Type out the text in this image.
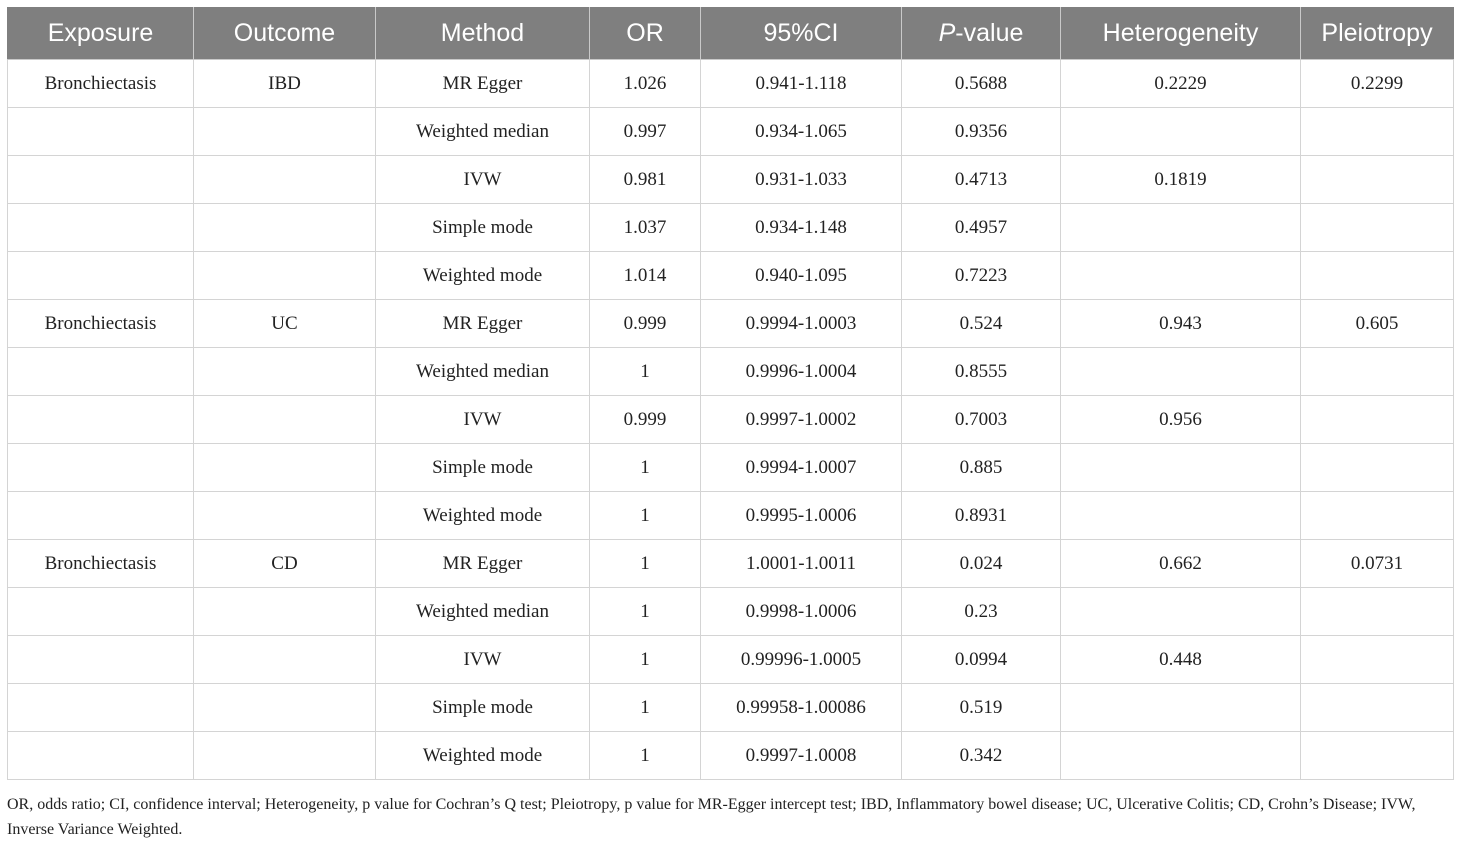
Exposure	Outcome	Method	OR	95%CI	P-value	Heterogeneity	Pleiotropy
Bronchiectasis	IBD	MR Egger	1.026	0.941-1.118	0.5688	0.2229	0.2299
		Weighted median	0.997	0.934-1.065	0.9356		
		IVW	0.981	0.931-1.033	0.4713	0.1819	
		Simple mode	1.037	0.934-1.148	0.4957		
		Weighted mode	1.014	0.940-1.095	0.7223		
Bronchiectasis	UC	MR Egger	0.999	0.9994-1.0003	0.524	0.943	0.605
		Weighted median	1	0.9996-1.0004	0.8555		
		IVW	0.999	0.9997-1.0002	0.7003	0.956	
		Simple mode	1	0.9994-1.0007	0.885		
		Weighted mode	1	0.9995-1.0006	0.8931		
Bronchiectasis	CD	MR Egger	1	1.0001-1.0011	0.024	0.662	0.0731
		Weighted median	1	0.9998-1.0006	0.23		
		IVW	1	0.99996-1.0005	0.0994	0.448	
		Simple mode	1	0.99958-1.00086	0.519		
		Weighted mode	1	0.9997-1.0008	0.342		
OR, odds ratio; CI, confidence interval; Heterogeneity, p value for Cochran’s Q test; Pleiotropy, p value for MR-Egger intercept test; IBD, Inflammatory bowel disease; UC, Ulcerative Colitis; CD, Crohn’s Disease; IVW, Inverse Variance Weighted.
